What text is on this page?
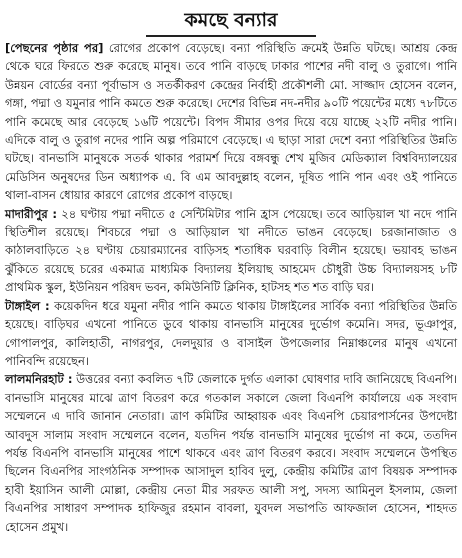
কমছে বন্যার

[পেছনের পৃষ্ঠার পর] রোগের প্রকোপ বেড়েছে। বন্যা পরিস্থিতি ক্রমেই উন্নতি ঘটছে। আশ্রয় কেন্দ্র থেকে ঘরে ফিরতে শুরু করেছে মানুষ। তবে পানি বাড়ছে ঢাকার পাশের নদী বালু ও তুরাগে। পানি উন্নয়ন বোর্ডের বন্যা পূর্বাভাস ও সতর্কীকরণ কেন্দ্রের নির্বাহী প্রকৌশলী মো. সাজ্জাদ হোসেন বলেন, গঙ্গা, পদ্মা ও যমুনার পানি কমতে শুরু করেছে। দেশের বিভিন্ন নদ-নদীর ৯০টি পয়েন্টের মধ্যে ৭৮টিতে পানি কমেছে আর বেড়েছে ১৬টি পয়েন্টে। বিপদ সীমার ওপর দিয়ে বয়ে যাচ্ছে ২২টি নদীর পানি। এদিকে বালু ও তুরাগ নদের পানি অল্প পরিমাণে বেড়েছে। এ ছাড়া সারা দেশে বন্যা পরিস্থিতির উন্নতি ঘটছে। বানভাসি মানুষকে সতর্ক থাকার পরামর্শ দিয়ে বঙ্গবন্ধু শেখ মুজিব মেডিক্যাল বিশ্ববিদ্যালয়ের মেডিসিন অনুষদের ডিন অধ্যাপক এ. বি এম আবদুল্লাহ বলেন, দূষিত পানি পান এবং ওই পানিতে থালা-বাসন ধোয়ার কারণে রোগের প্রকোপ বাড়ছে।

মাদারীপুর : ২৪ ঘণ্টায় পদ্মা নদীতে ৫ সেন্টিমিটার পানি হ্রাস পেয়েছে। তবে আড়িয়াল খা নদে পানি স্থিতিশীল রয়েছে। শিবচরে পদ্মা ও আড়িয়াল খা নদীতে ভাঙন বেড়েছে। চরজানাজাত ও কাঠালবাড়িতে ২৪ ঘণ্টায় চেয়ারম্যানের বাড়িসহ শতাধিক ঘরবাড়ি বিলীন হয়েছে। ভয়াবহ ভাঙন ঝুঁকিতে রয়েছে চরের একমাত্র মাধ্যমিক বিদ্যালয় ইলিয়াছ আহমেদ চৌধুরী উচ্চ বিদ্যালয়সহ ৮টি প্রাথমিক স্কুল, ইউনিয়ন পরিষদ ভবন, কমিউনিটি ক্লিনিক, হাটসহ শত শত বাড়ি ঘর।

টাঙ্গাইল : কয়েকদিন ধরে যমুনা নদীর পানি কমতে থাকায় টাঙ্গাইলের সার্বিক বন্যা পরিস্থিতির উন্নতি হয়েছে। বাড়িঘর এখনো পানিতে ডুবে থাকায় বানভাসি মানুষের দুর্ভোগ কমেনি। সদর, ভূঞাপুর, গোপালপুর, কালিহাতী, নাগরপুর, দেলদুয়ার ও বাসাইল উপজেলার নিম্নাঞ্চলের মানুষ এখনো পানিবন্দি রয়েছেন।

লালমনিরহাট : উত্তরের বন্যা কবলিত ৭টি জেলাকে দুর্গত এলাকা ঘোষণার দাবি জানিয়েছে বিএনপি। বানভাসি মানুষের মাঝে ত্রাণ বিতরণ করে গতকাল সকালে জেলা বিএনপি কার্যালয়ে এক সংবাদ সম্মেলনে এ দাবি জানান নেতারা। ত্রাণ কমিটির আহ্বায়ক এবং বিএনপি চেয়ারপার্সনের উপদেষ্টা আবদুস সালাম সংবাদ সম্মেলনে বলেন, যতদিন পর্যন্ত বানভাসি মানুষের দুর্ভোগ না কমে, ততদিন পর্যন্ত বিএনপি বানভাসি মানুষের পাশে থাকবে এবং ত্রাণ বিতরণ করবে। সংবাদ সম্মেলনে উপস্থিত ছিলেন বিএনপির সাংগঠনিক সম্পাদক আসাদুল হাবিব দুলু, কেন্দ্রীয় কমিটির ত্রাণ বিষয়ক সম্পাদক হাবী ইয়াসিন আলী মোল্লা, কেন্দ্রীয় নেতা মীর সরফত আলী সপু, সদস্য আমিনুল ইসলাম, জেলা বিএনপির সাধারণ সম্পাদক হাফিজুর রহমান বাবলা, যুবদল সভাপতি আফজাল হোসেন, শাহদত হোসেন প্রমুখ।
